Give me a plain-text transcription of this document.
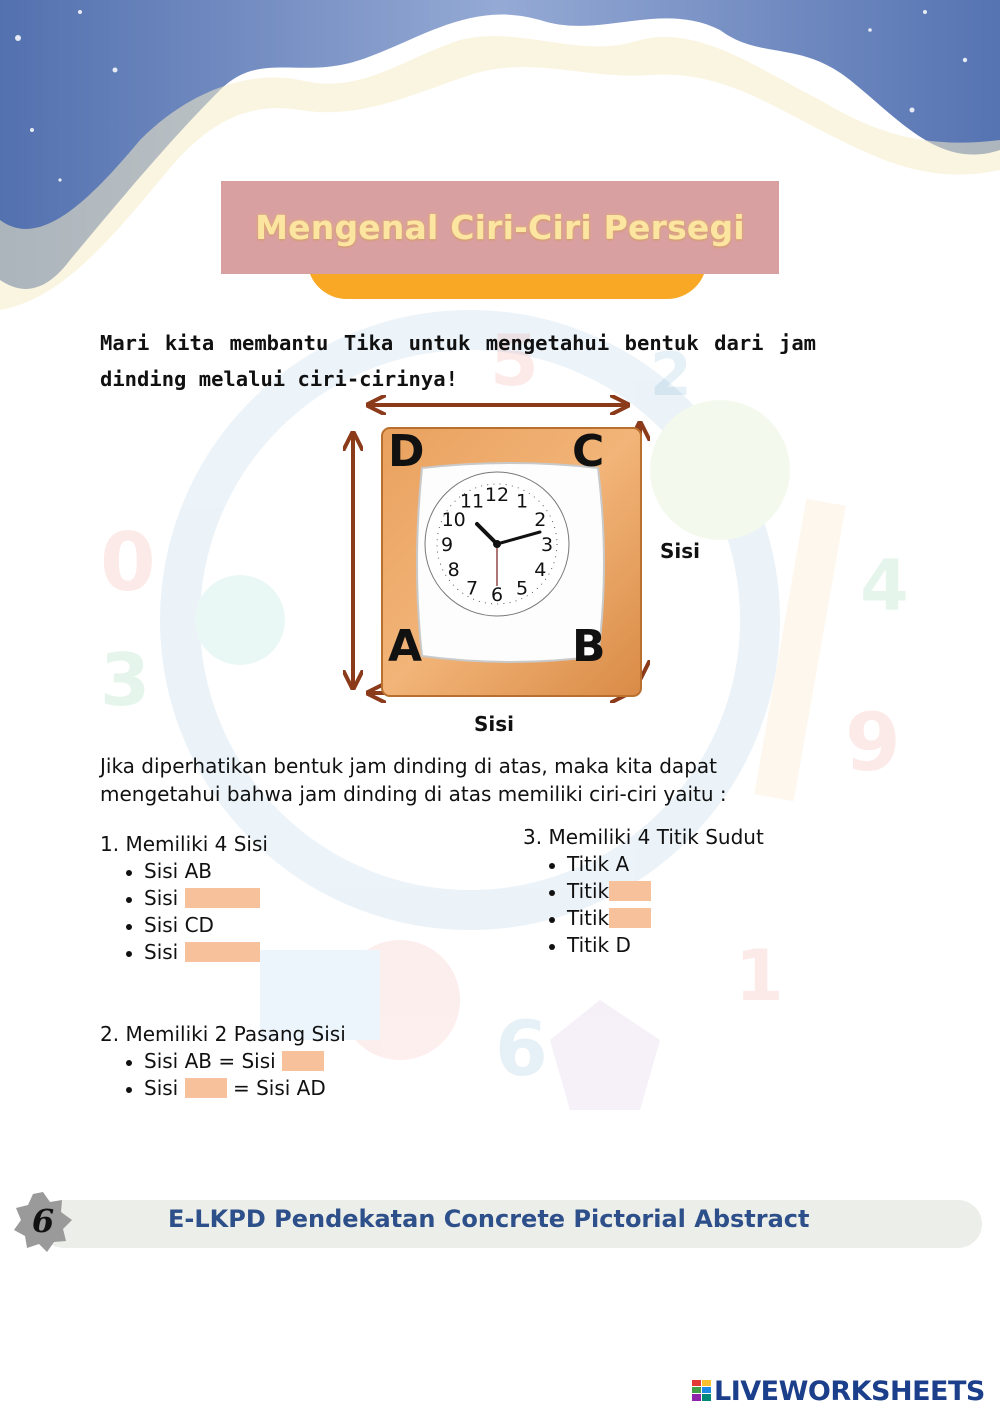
0
3
4
9
5 2
6
1
Mengenal Ciri-Ciri Persegi

Mari kita membantu Tika untuk mengetahui bentuk dari jam dinding melalui ciri-cirinya!

12 1
2
3
4
5
6
7
8
9
10
11
D	C
A	B
Sisi
Sisi

Jika diperhatikan bentuk jam dinding di atas, maka kita dapat mengetahui bahwa jam dinding di atas memiliki ciri-ciri yaitu :

1. Memiliki 4 Sisi
Sisi AB
Sisi
Sisi CD
Sisi
2. Memiliki 2 Pasang Sisi
Sisi AB = Sisi
Sisi	= Sisi AD
3. Memiliki 4 Titik Sudut
Titik A
Titik
Titik
Titik D
6	E-LKPD Pendekatan Concrete Pictorial Abstract
LIVEWORKSHEETS
